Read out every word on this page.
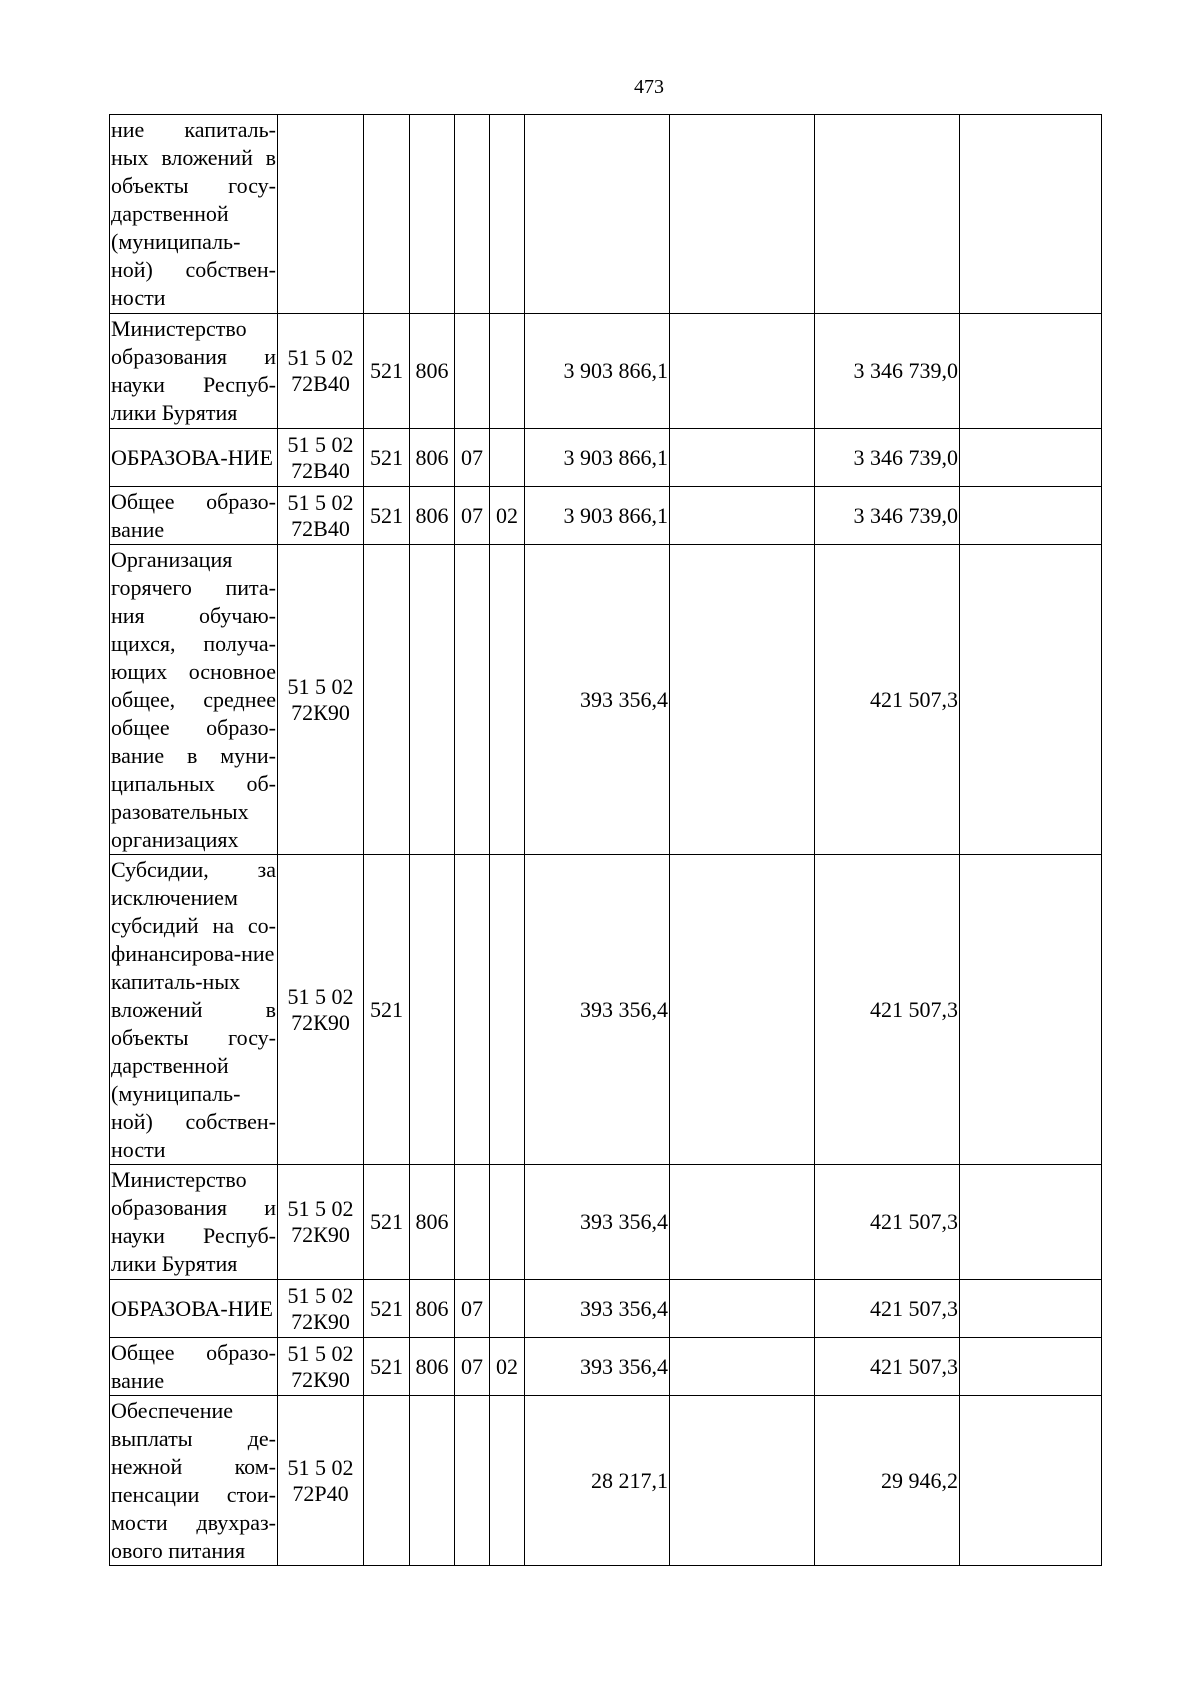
473
ние капиталь-ных вложений в объекты госу-дарственной (муниципаль-ной) собствен-ности									

Министерство образования и науки Респуб-лики Бурятия	51 5 02 72В40	521	806			3 903 866,1		3 346 739,0	

ОБРАЗОВА-НИЕ	51 5 02 72В40	521	806	07		3 903 866,1		3 346 739,0	

Общее образо-вание	51 5 02 72В40	521	806	07	02	3 903 866,1		3 346 739,0	

Организация горячего пита-ния обучаю-щихся, получа-ющих основное общее, среднее общее образо-вание в муни-ципальных об-разовательных организациях	51 5 02 72К90					393 356,4		421 507,3	

Субсидии, за исключением субсидий на со-финансирова-ние капиталь-ных вложений в объекты госу-дарственной (муниципаль-ной) собствен-ности	51 5 02 72К90	521				393 356,4		421 507,3	

Министерство образования и науки Респуб-лики Бурятия	51 5 02 72К90	521	806			393 356,4		421 507,3	

ОБРАЗОВА-НИЕ	51 5 02 72К90	521	806	07		393 356,4		421 507,3	

Общее образо-вание	51 5 02 72К90	521	806	07	02	393 356,4		421 507,3	

Обеспечение выплаты де-нежной ком-пенсации стои-мости двухраз-ового питания	51 5 02 72Р40					28 217,1		29 946,2	
